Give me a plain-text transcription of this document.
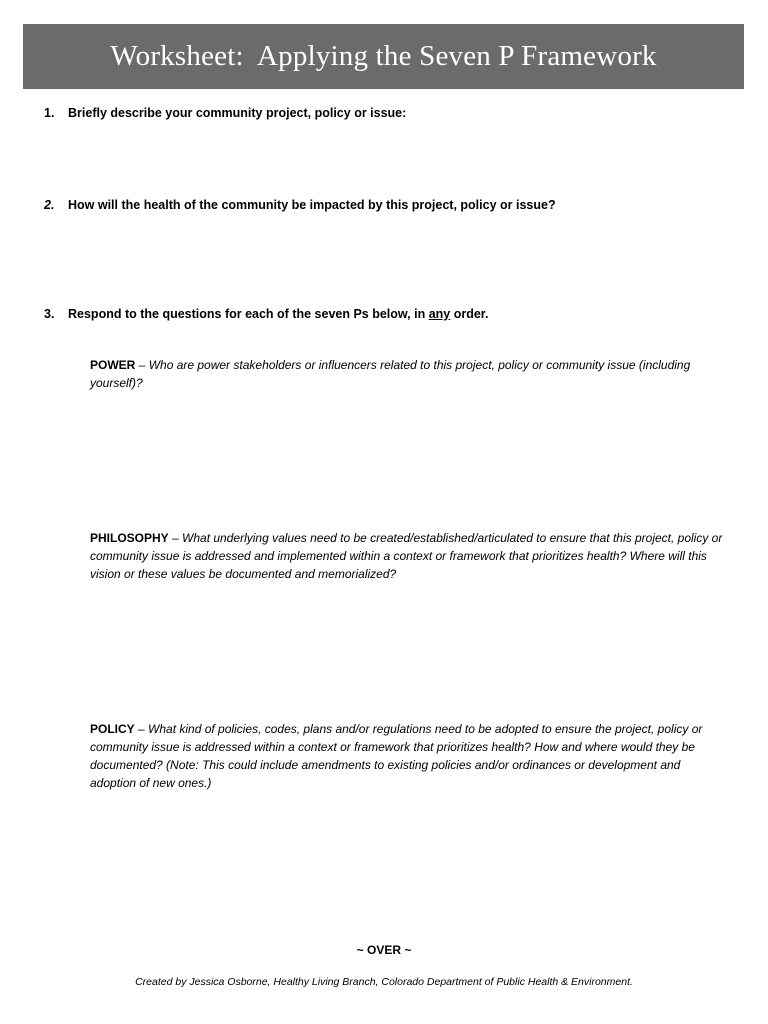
Worksheet:  Applying the Seven P Framework
1.	Briefly describe your community project, policy or issue:
2.	How will the health of the community be impacted by this project, policy or issue?
3.	Respond to the questions for each of the seven Ps below, in any order.
POWER – Who are power stakeholders or influencers related to this project, policy or community issue (including yourself)?
PHILOSOPHY – What underlying values need to be created/established/articulated to ensure that this project, policy or community issue is addressed and implemented within a context or framework that prioritizes health? Where will this vision or these values be documented and memorialized?
POLICY – What kind of policies, codes, plans and/or regulations need to be adopted to ensure the project, policy or community issue is addressed within a context or framework that prioritizes health? How and where would they be documented? (Note: This could include amendments to existing policies and/or ordinances or development and adoption of new ones.)
~ OVER ~
Created by Jessica Osborne, Healthy Living Branch, Colorado Department of Public Health & Environment.
